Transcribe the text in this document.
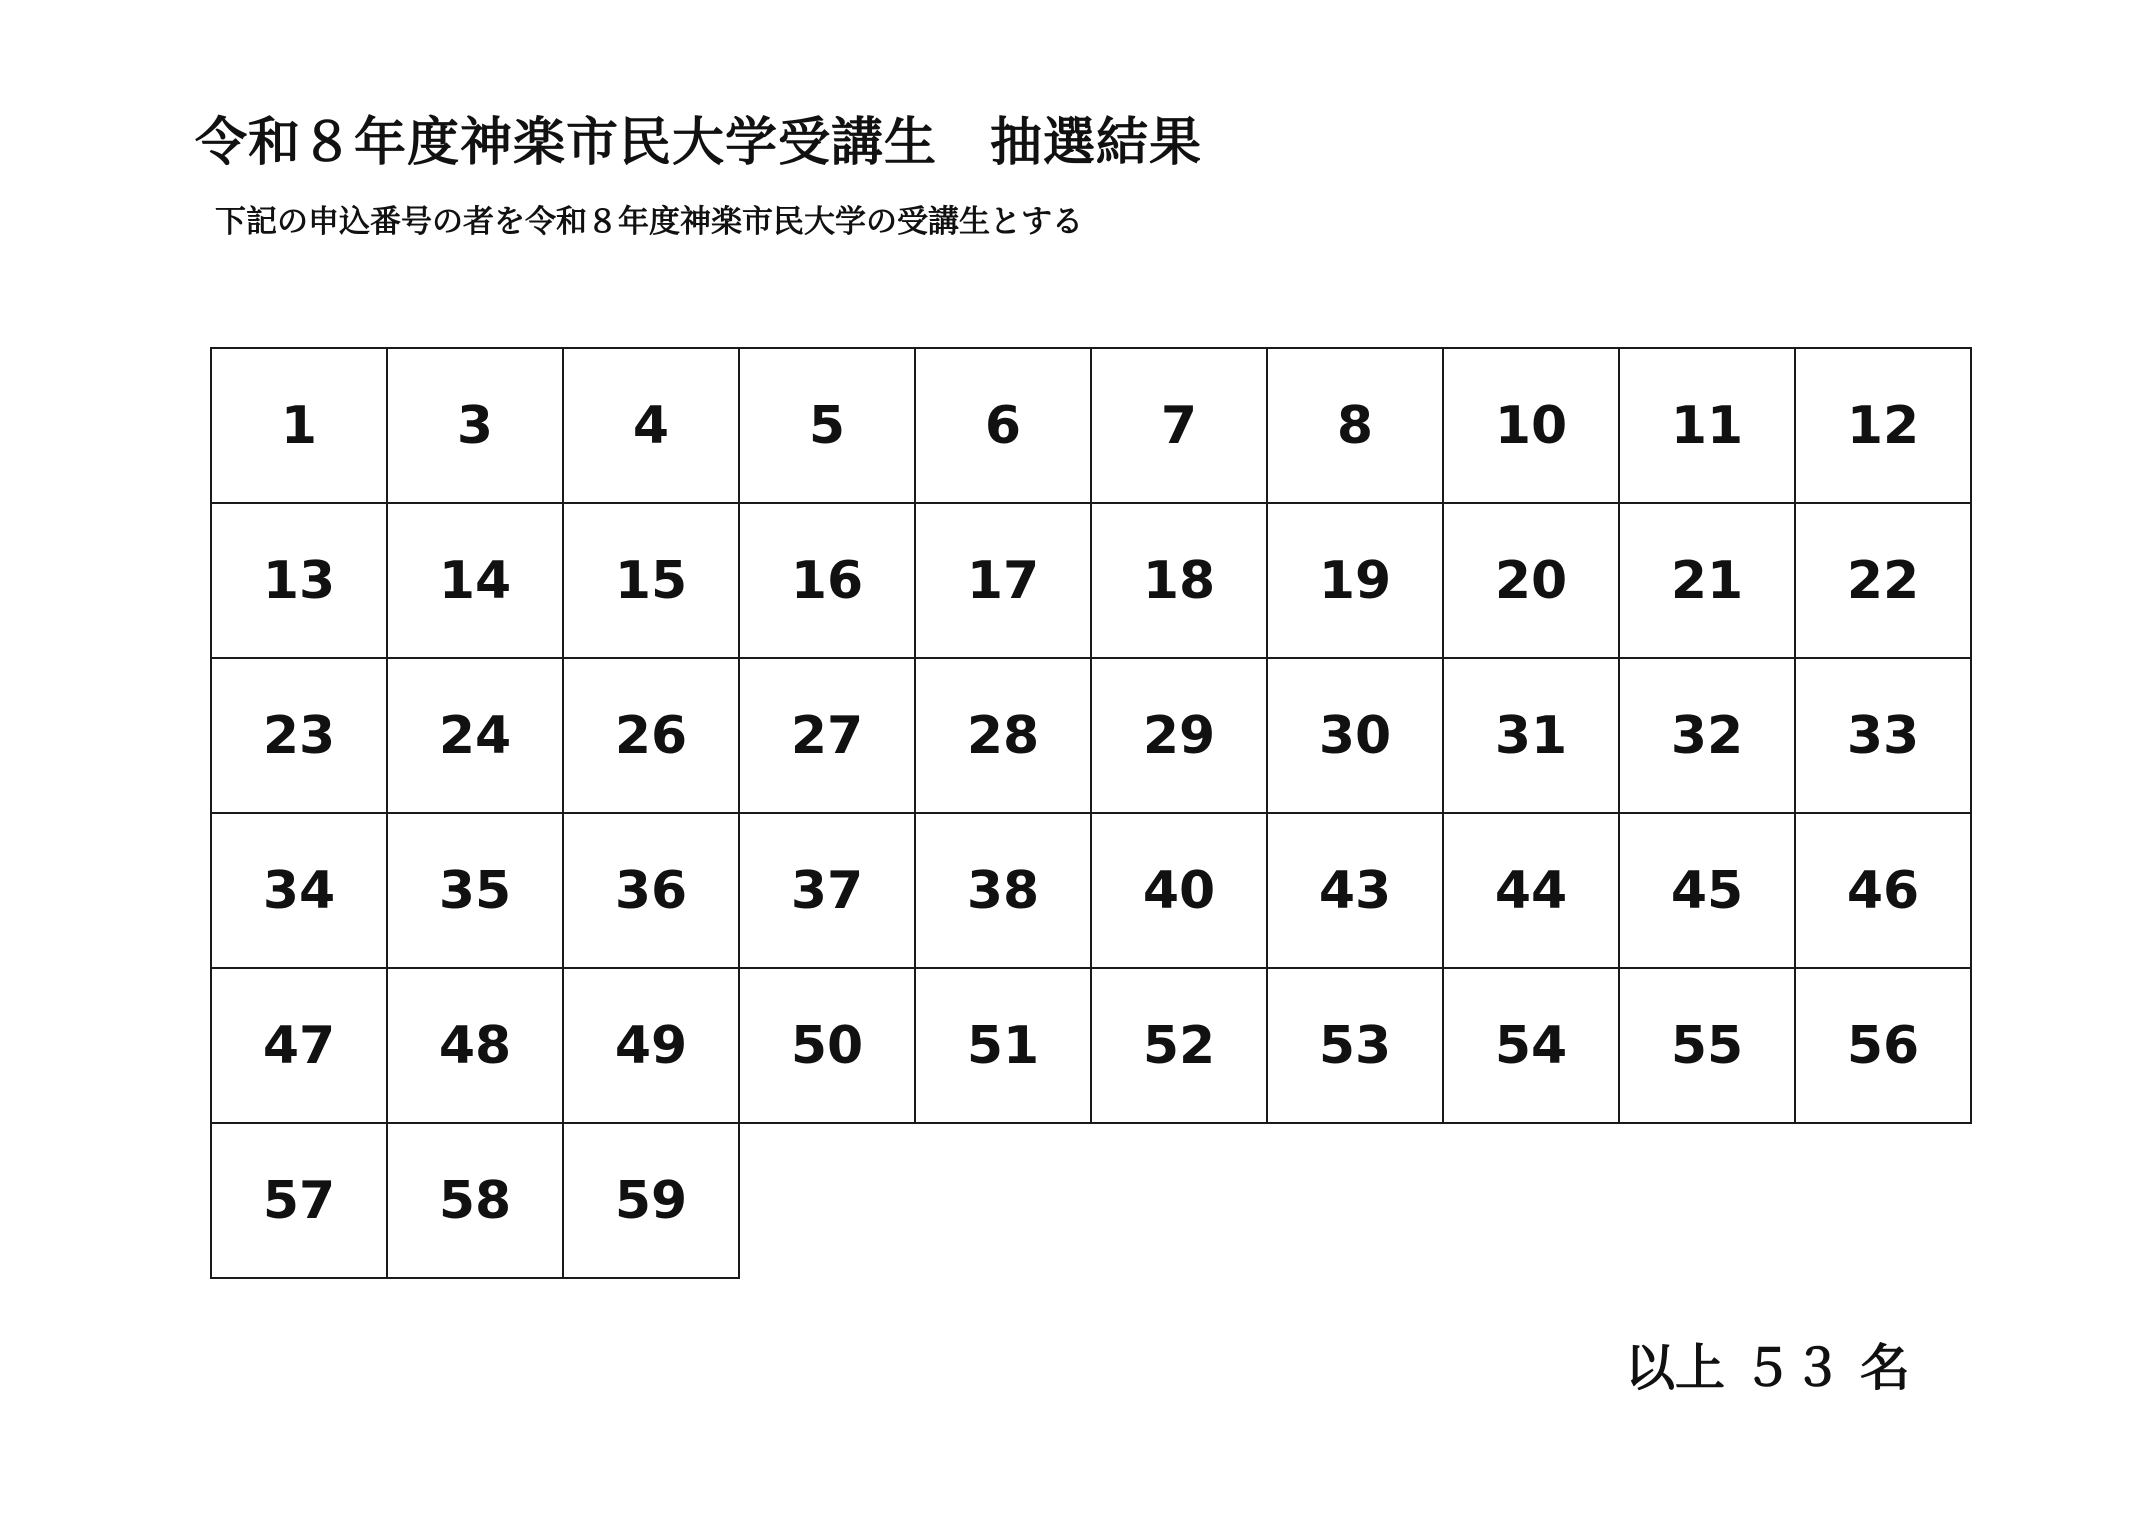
令和８年度神楽市民大学受講生　抽選結果

下記の申込番号の者を令和８年度神楽市民大学の受講生とする

1	3	4	5	6	7	8	10	11	12
13	14	15	16	17	18	19	20	21	22
23	24	26	27	28	29	30	31	32	33
34	35	36	37	38	40	43	44	45	46
47	48	49	50	51	52	53	54	55	56
57	58	59

以上 ５３ 名
